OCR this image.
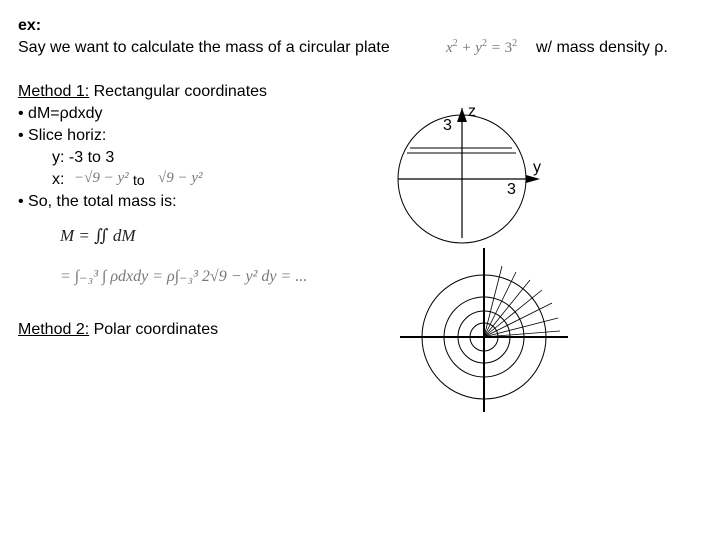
ex:
Say we want to calculate the mass of a circular plate	$x^2 + y^2 = 3^2$ w/ mass density ρ.
Method 1: Rectangular coordinates
• dM=ρdxdy
• Slice horiz:
y: -3 to 3
x: −√9 − y² to √9 − y²
• So, the total mass is:
M = ∬ dM
= ∫₋₃³ ∫ ρdxdy = ρ∫₋₃³ 2√9 − y² dy = ...
Method 2: Polar coordinates
3
z
y
3
